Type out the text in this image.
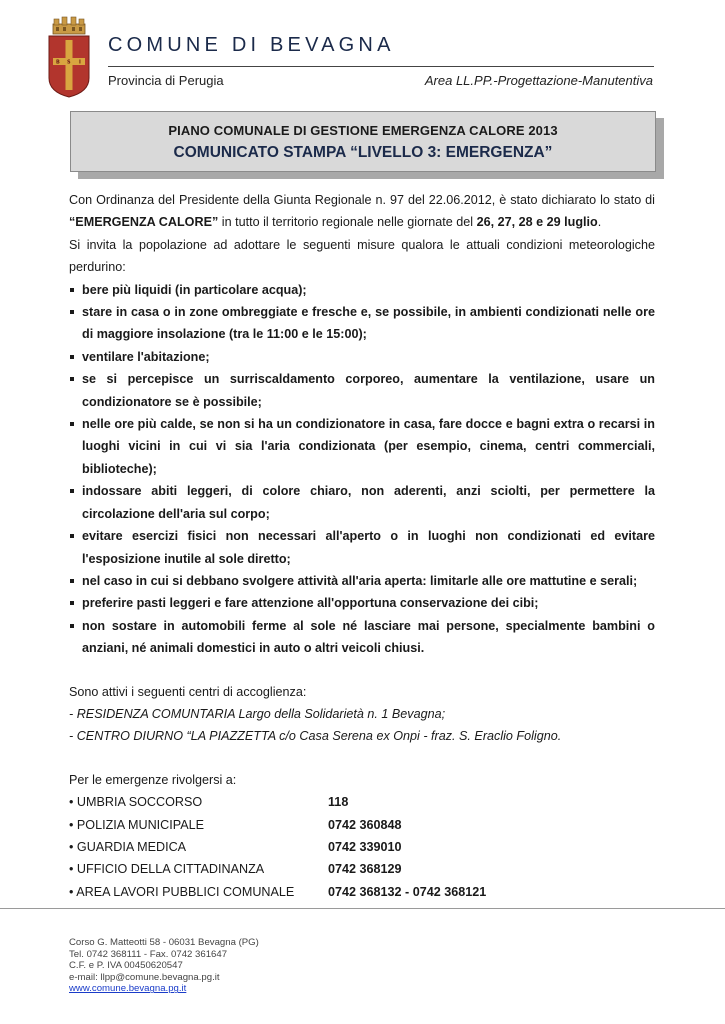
B S I
COMUNE DI BEVAGNA
Provincia di Perugia	Area LL.PP.-Progettazione-Manutentiva
PIANO COMUNALE DI GESTIONE EMERGENZA CALORE 2013
COMUNICATO STAMPA “LIVELLO 3: EMERGENZA”

Con Ordinanza del Presidente della Giunta Regionale n. 97 del 22.06.2012, è stato dichiarato lo stato di “EMERGENZA CALORE” in tutto il territorio regionale nelle giornate del 26, 27, 28 e 29 luglio.

Si invita la popolazione ad adottare le seguenti misure qualora le attuali condizioni meteorologiche perdurino:

bere più liquidi (in particolare acqua);
stare in casa o in zone ombreggiate e fresche e, se possibile, in ambienti condizionati nelle ore di maggiore insolazione (tra le 11:00 e le 15:00);
ventilare l'abitazione;
se si percepisce un surriscaldamento corporeo, aumentare la ventilazione, usare un condizionatore se è possibile;
nelle ore più calde, se non si ha un condizionatore in casa, fare docce e bagni extra o recarsi in luoghi vicini in cui vi sia l'aria condizionata (per esempio, cinema, centri commerciali, biblioteche);
indossare abiti leggeri, di colore chiaro, non aderenti, anzi sciolti, per permettere la circolazione dell'aria sul corpo;
evitare esercizi fisici non necessari all'aperto o in luoghi non condizionati ed evitare l'esposizione inutile al sole diretto;
nel caso in cui si debbano svolgere attività all'aria aperta: limitarle alle ore mattutine e serali;
preferire pasti leggeri e fare attenzione all'opportuna conservazione dei cibi;
non sostare in automobili ferme al sole né lasciare mai persone, specialmente bambini o anziani, né animali domestici in auto o altri veicoli chiusi.

Sono attivi i seguenti centri di accoglienza:

- RESIDENZA COMUNTARIA Largo della Solidarietà n. 1 Bevagna;

- CENTRO DIURNO “LA PIAZZETTA c/o Casa Serena ex Onpi - fraz. S. Eraclio Foligno.

Per le emergenze rivolgersi a:

• UMBRIA SOCCORSO	118
• POLIZIA MUNICIPALE	0742 360848
• GUARDIA MEDICA	0742 339010
• UFFICIO DELLA CITTADINANZA	0742 368129
• AREA LAVORI PUBBLICI COMUNALE	0742 368132 - 0742 368121
Corso G. Matteotti 58 - 06031 Bevagna (PG)
Tel. 0742 368111 - Fax. 0742 361647
C.F. e P. IVA 00450620547
e-mail: llpp@comune.bevagna.pg.it
www.comune.bevagna.pg.it
